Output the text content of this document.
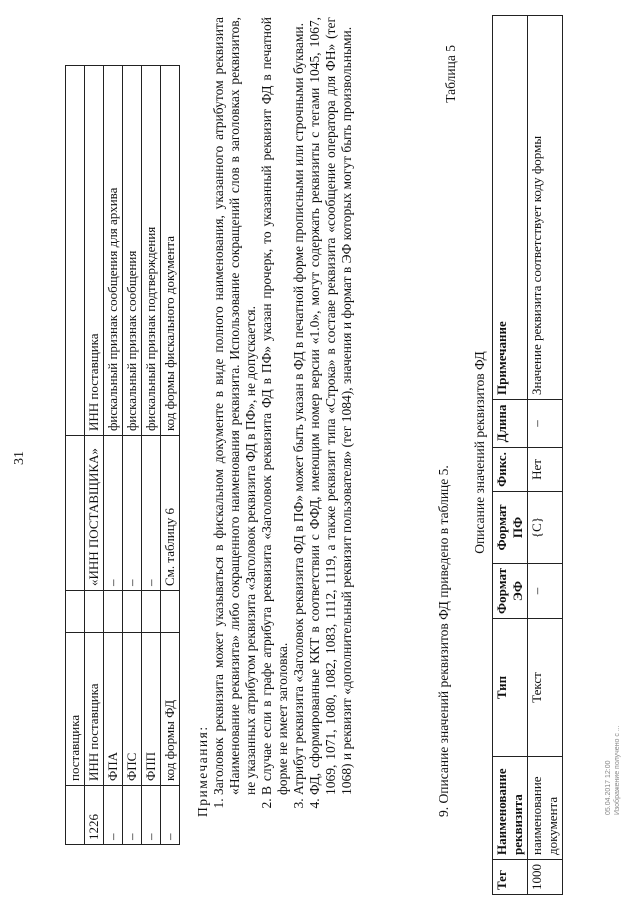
31
	поставщика			
1226	ИНН поставщика		«ИНН ПОСТАВЩИКА»	ИНН поставщика
–	ФПА		–	фискальный признак сообщения для архива
–	ФПС		–	фискальный признак сообщения
–	ФПП		–	фискальный признак подтверждения
–	код формы ФД		См. таблицу 6	код формы фискального документа
Примечания: 1. Заголовок реквизита может указываться в фискальном документе в виде полного наименования, указанного атрибутом реквизита «Наименование реквизита» либо сокращенного наименования реквизита. Использование сокращений слов в заголовках реквизитов, не указанных атрибутом реквизита «Заголовок реквизита ФД в ПФ», не допускается. 2. В случае если в графе атрибута реквизита «Заголовок реквизита ФД в ПФ» указан прочерк, то указанный реквизит ФД в печатной форме не имеет заголовка. 3. Атрибут реквизита «Заголовок реквизита ФД в ПФ» может быть указан в ФД в печатной форме прописными или строчными буквами. 4. ФД, сформированные ККТ в соответствии с ФФД, имеющим номер версии «1.0», могут содержать реквизиты с тегами 1045, 1067, 1069, 1071, 1080, 1082, 1083, 1112, 1119, а также реквизит типа «Строка» в составе реквизита «сообщение оператора для ФН» (тег 1068) и реквизит «дополнительный реквизит пользователя» (тег 1084), значения и формат в ЭФ которых могут быть произвольными.	9. Описание значений реквизитов ФД приведено в таблице 5.
Таблица 5
Описание значений реквизитов ФД
Тег	Наименование реквизита	Тип	Формат ЭФ	Формат ПФ	Фикс.	Длина	Примечание
1000	наименование документа	Текст	–	{С}	Нет	–	Значение реквизита соответствует коду формы
05.04.2017 12:00 Изображение получено с ...
